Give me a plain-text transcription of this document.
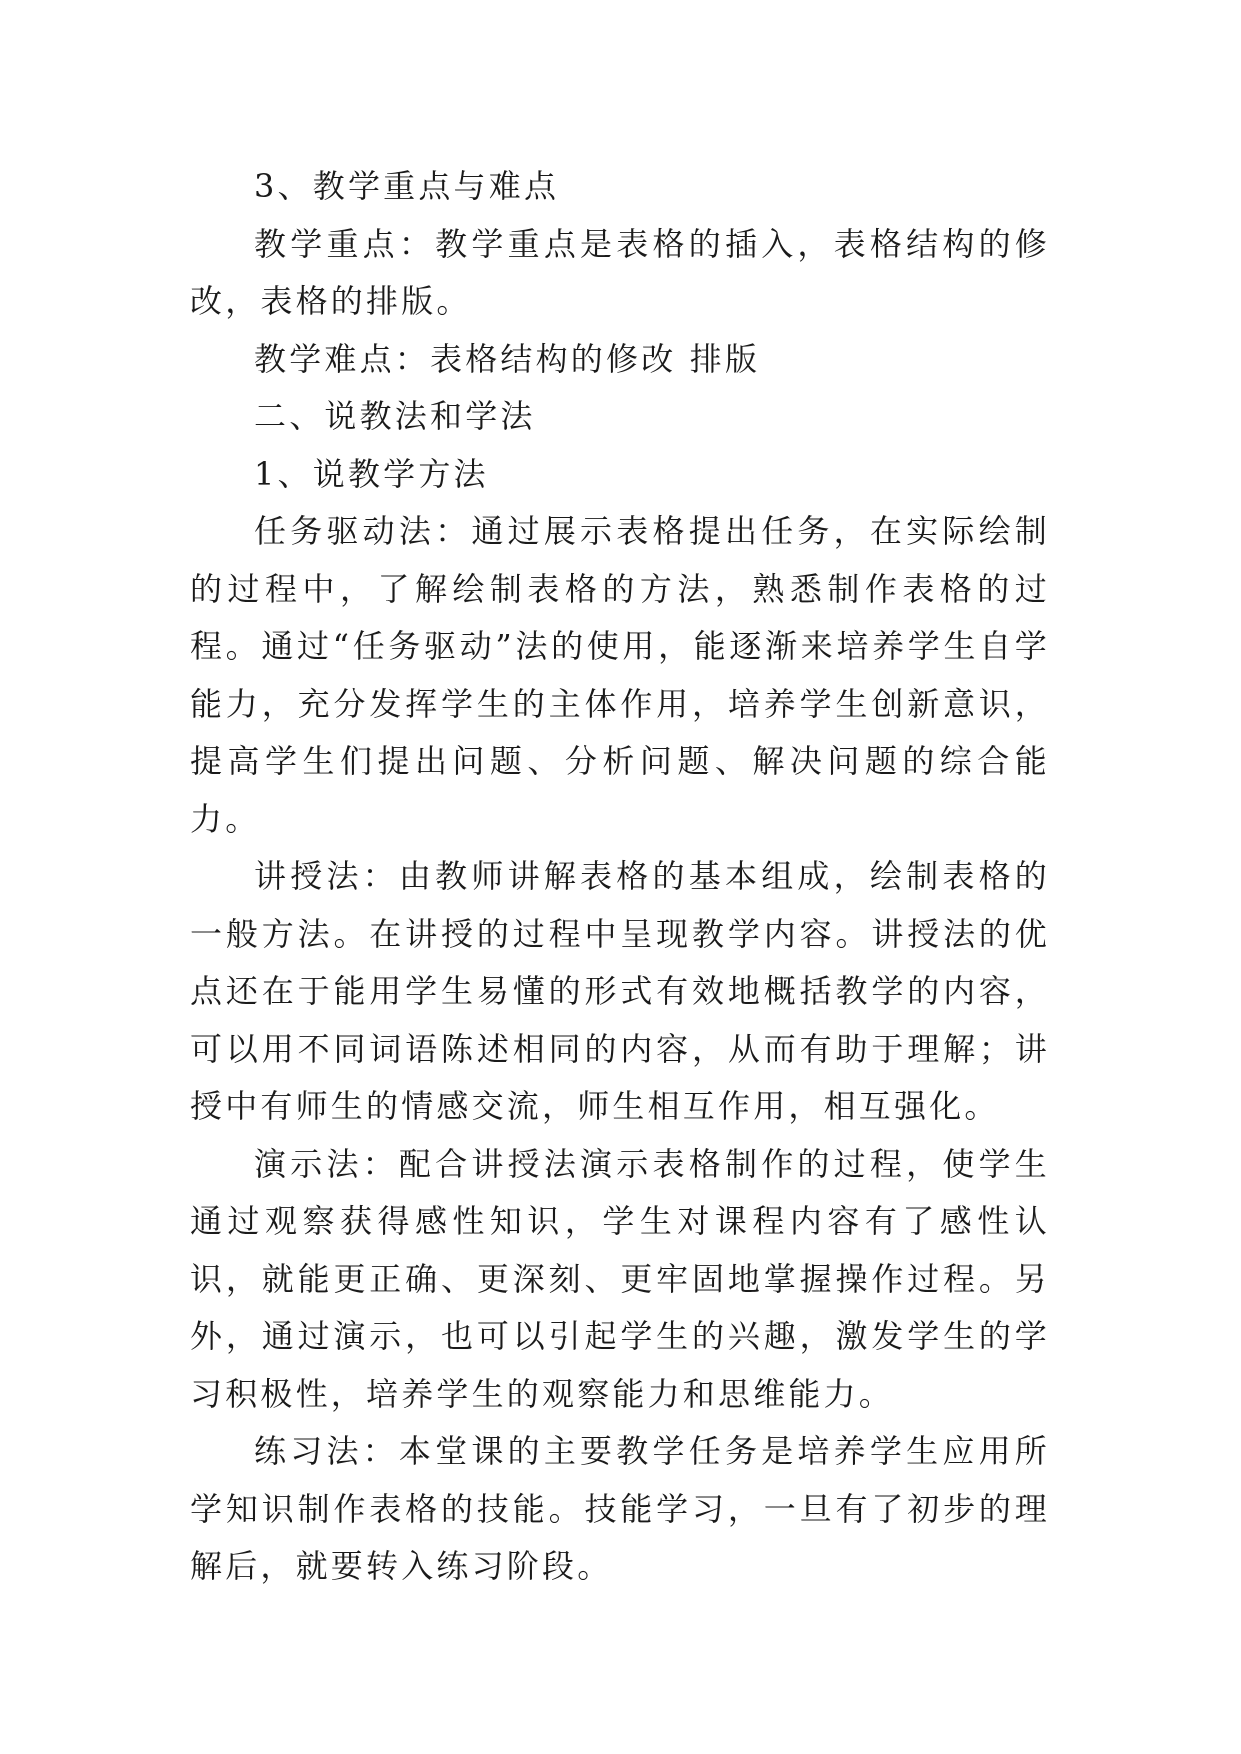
3、教学重点与难点

教学重点：教学重点是表格的插入，表格结构的修改，表格的排版。

教学难点：表格结构的修改 排版

二、说教法和学法

1、说教学方法

任务驱动法：通过展示表格提出任务，在实际绘制的过程中，了解绘制表格的方法，熟悉制作表格的过程。通过“任务驱动”法的使用，能逐渐来培养学生自学能力，充分发挥学生的主体作用，培养学生创新意识，提高学生们提出问题、分析问题、解决问题的综合能力。

讲授法：由教师讲解表格的基本组成，绘制表格的一般方法。在讲授的过程中呈现教学内容。讲授法的优点还在于能用学生易懂的形式有效地概括教学的内容，可以用不同词语陈述相同的内容，从而有助于理解；讲授中有师生的情感交流，师生相互作用，相互强化。

演示法：配合讲授法演示表格制作的过程，使学生通过观察获得感性知识，学生对课程内容有了感性认识，就能更正确、更深刻、更牢固地掌握操作过程。另外，通过演示，也可以引起学生的兴趣，激发学生的学习积极性，培养学生的观察能力和思维能力。

练习法：本堂课的主要教学任务是培养学生应用所学知识制作表格的技能。技能学习，一旦有了初步的理解后，就要转入练习阶段。
